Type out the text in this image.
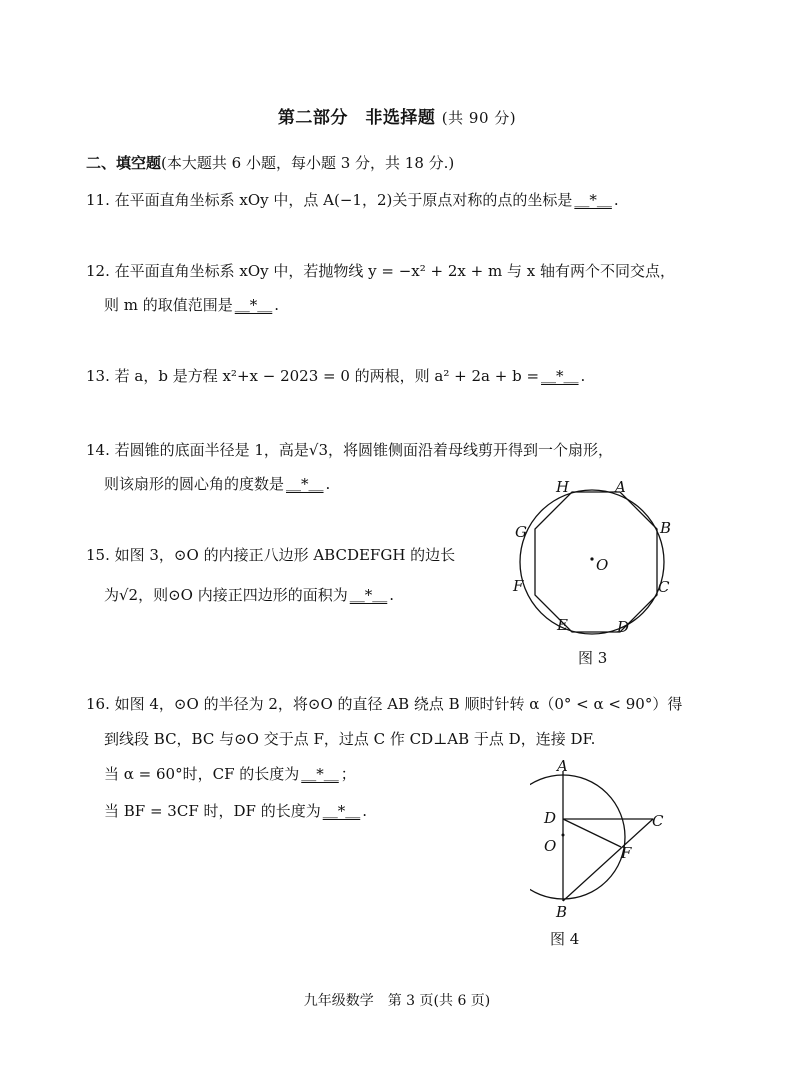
第二部分　非选择题 (共 90 分)
二、填空题(本大题共 6 小题，每小题 3 分，共 18 分.)
11. 在平面直角坐标系 xOy 中，点 A(−1，2)关于原点对称的点的坐标是 ＿*＿ .
12. 在平面直角坐标系 xOy 中，若抛物线 y = −x² + 2x + m 与 x 轴有两个不同交点，
则 m 的取值范围是 ＿*＿ .
13. 若 a，b 是方程 x²+x − 2023 = 0 的两根，则 a² + 2a + b = ＿*＿ .
14. 若圆锥的底面半径是 1，高是√3，将圆锥侧面沿着母线剪开得到一个扇形，
则该扇形的圆心角的度数是 ＿*＿ .
15. 如图 3，⊙O 的内接正八边形 ABCDEFGH 的边长
为√2，则⊙O 内接正四边形的面积为 ＿*＿ .
H	A
B
C
D
E
F
G
O
图 3
16. 如图 4，⊙O 的半径为 2，将⊙O 的直径 AB 绕点 B 顺时针转 α（0° < α < 90°）得
到线段 BC，BC 与⊙O 交于点 F，过点 C 作 CD⊥AB 于点 D，连接 DF.
当 α = 60°时，CF 的长度为 ＿*＿ ；
当 BF = 3CF 时，DF 的长度为 ＿*＿ .
A
D
O
C
F
B
图 4
九年级数学　第 3 页(共 6 页)
